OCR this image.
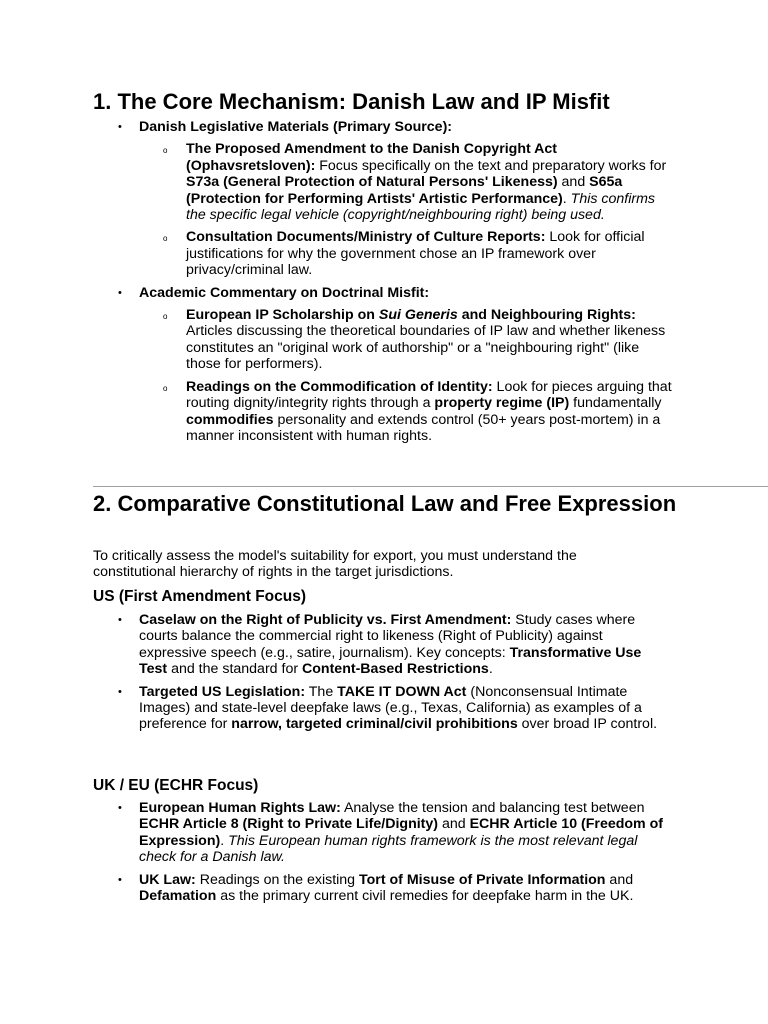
1. The Core Mechanism: Danish Law and IP Misfit
• Danish Legislative Materials (Primary Source):
o The Proposed Amendment to the Danish Copyright Act (Ophavsretsloven): Focus specifically on the text and preparatory works for S73a (General Protection of Natural Persons' Likeness) and S65a (Protection for Performing Artists' Artistic Performance). This confirms the specific legal vehicle (copyright/neighbouring right) being used.
o Consultation Documents/Ministry of Culture Reports: Look for official justifications for why the government chose an IP framework over privacy/criminal law.
• Academic Commentary on Doctrinal Misfit:
o European IP Scholarship on Sui Generis and Neighbouring Rights: Articles discussing the theoretical boundaries of IP law and whether likeness constitutes an "original work of authorship" or a "neighbouring right" (like those for performers).
o Readings on the Commodification of Identity: Look for pieces arguing that routing dignity/integrity rights through a property regime (IP) fundamentally commodifies personality and extends control (50+ years post-mortem) in a manner inconsistent with human rights.
2. Comparative Constitutional Law and Free Expression

To critically assess the model's suitability for export, you must understand the constitutional hierarchy of rights in the target jurisdictions.

US (First Amendment Focus)
• Caselaw on the Right of Publicity vs. First Amendment: Study cases where courts balance the commercial right to likeness (Right of Publicity) against expressive speech (e.g., satire, journalism). Key concepts: Transformative Use Test and the standard for Content-Based Restrictions.
• Targeted US Legislation: The TAKE IT DOWN Act (Nonconsensual Intimate Images) and state-level deepfake laws (e.g., Texas, California) as examples of a preference for narrow, targeted criminal/civil prohibitions over broad IP control.
UK / EU (ECHR Focus)
• European Human Rights Law: Analyse the tension and balancing test between ECHR Article 8 (Right to Private Life/Dignity) and ECHR Article 10 (Freedom of Expression). This European human rights framework is the most relevant legal check for a Danish law.
• UK Law: Readings on the existing Tort of Misuse of Private Information and Defamation as the primary current civil remedies for deepfake harm in the UK.
